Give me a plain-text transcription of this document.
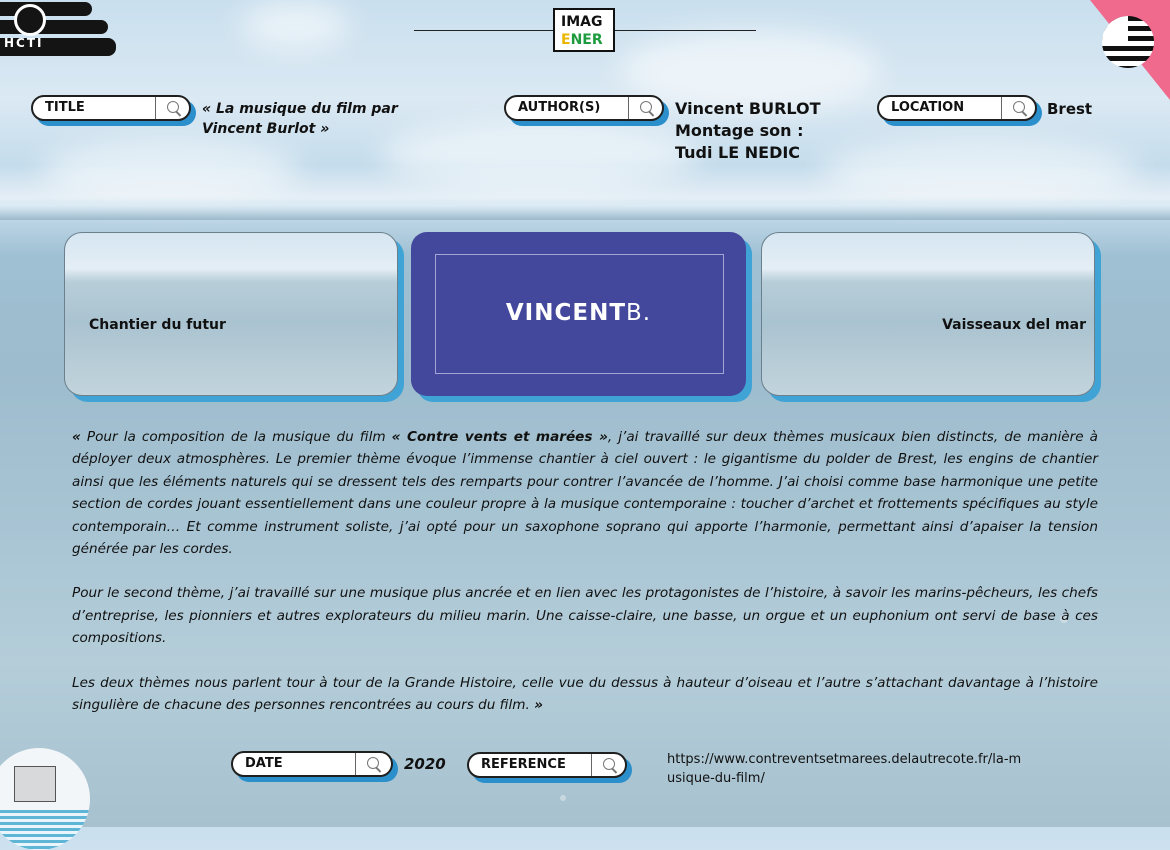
HCTI
IMAG
ENER
TITLE	« La musique du film par
Vincent Burlot »
AUTHOR(S)	Vincent BURLOT
Montage son :
Tudi LE NEDIC
LOCATION	Brest
Chantier du futur	VINCENTB.	Vaisseaux del mar

« Pour la composition de la musique du film « Contre vents et marées », j’ai travaillé sur deux thèmes musicaux bien distincts, de manière à déployer deux atmosphères. Le premier thème évoque l’immense chantier à ciel ouvert : le gigantisme du polder de Brest, les engins de chantier ainsi que les éléments naturels qui se dressent tels des remparts pour contrer l’avancée de l’homme. J’ai choisi comme base harmonique une petite section de cordes jouant essentiellement dans une couleur propre à la musique contemporaine : toucher d’archet et frottements spécifiques au style contemporain… Et comme instrument soliste, j’ai opté pour un saxophone soprano qui apporte l’harmonie, permettant ainsi d’apaiser la tension générée par les cordes.

Pour le second thème, j’ai travaillé sur une musique plus ancrée et en lien avec les protagonistes de l’histoire, à savoir les marins-pêcheurs, les chefs d’entreprise, les pionniers et autres explorateurs du milieu marin. Une caisse-claire, une basse, un orgue et un euphonium ont servi de base à ces compositions.

Les deux thèmes nous parlent tour à tour de la Grande Histoire, celle vue du dessus à hauteur d’oiseau et l’autre s’attachant davantage à l’histoire singulière de chacune des personnes rencontrées au cours du film. »

DATE	2020	REFERENCE	https://www.contreventsetmarees.delautrecote.fr/la-musique-du-film/
